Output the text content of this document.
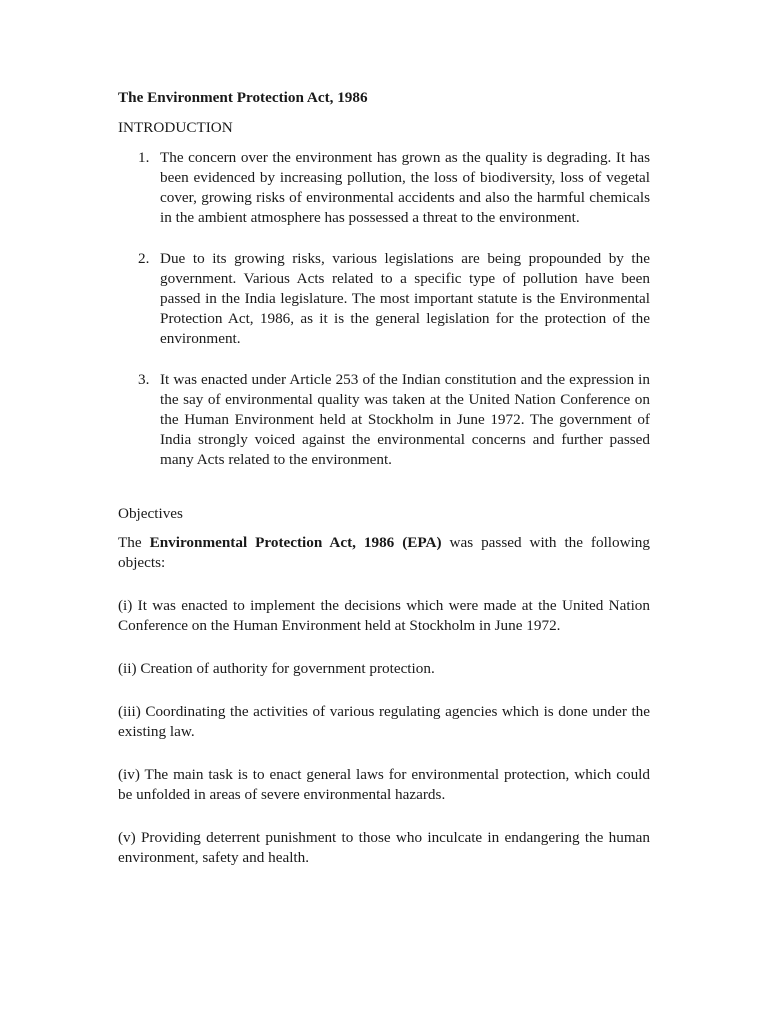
The Environment Protection Act, 1986
INTRODUCTION
1. The concern over the environment has grown as the quality is degrading. It has been evidenced by increasing pollution, the loss of biodiversity, loss of vegetal cover, growing risks of environmental accidents and also the harmful chemicals in the ambient atmosphere has possessed a threat to the environment.
2. Due to its growing risks, various legislations are being propounded by the government. Various Acts related to a specific type of pollution have been passed in the India legislature. The most important statute is the Environmental Protection Act, 1986, as it is the general legislation for the protection of the environment.
3. It was enacted under Article 253 of the Indian constitution and the expression in the say of environmental quality was taken at the United Nation Conference on the Human Environment held at Stockholm in June 1972. The government of India strongly voiced against the environmental concerns and further passed many Acts related to the environment.
Objectives

The Environmental Protection Act, 1986 (EPA) was passed with the following objects:

(i) It was enacted to implement the decisions which were made at the United Nation Conference on the Human Environment held at Stockholm in June 1972.

(ii) Creation of authority for government protection.

(iii) Coordinating the activities of various regulating agencies which is done under the existing law.

(iv) The main task is to enact general laws for environmental protection, which could be unfolded in areas of severe environmental hazards.

(v) Providing deterrent punishment to those who inculcate in endangering the human environment, safety and health.
